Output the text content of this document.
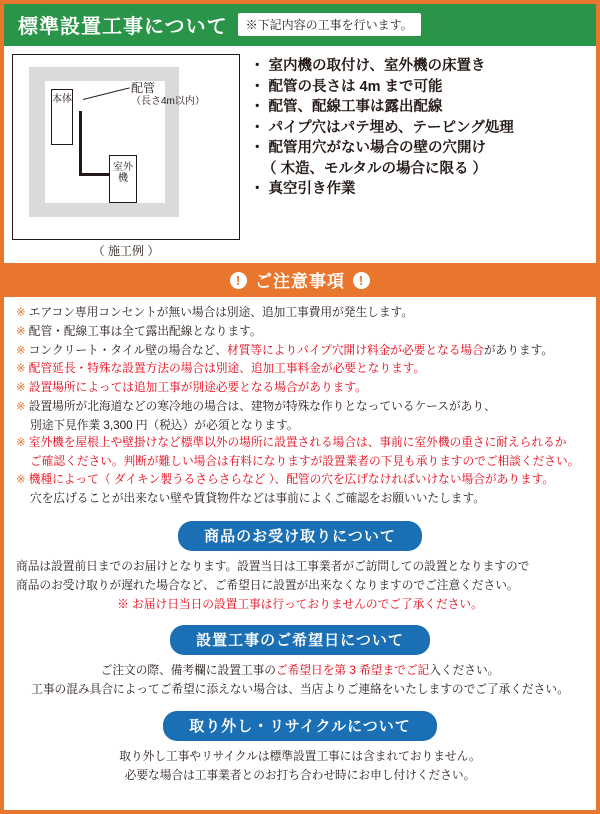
標準設置工事について	※下記内容の工事を行います。
本体
室外機
配管
（長さ4m以内）
（ 施工例 ）
・ 室内機の取付け、室外機の床置き
・ 配管の長さは 4m まで可能
・ 配管、配線工事は露出配線
・ パイプ穴はパテ埋め、テーピング処理
・ 配管用穴がない場合の壁の穴開け
（ 木造、モルタルの場合に限る ）
・ 真空引き作業
! ご注意事項 !
※ エアコン専用コンセントが無い場合は別途、追加工事費用が発生します。
※ 配管・配線工事は全て露出配線となります。
※ コンクリート・タイル壁の場合など、材質等によりパイプ穴開け料金が必要となる場合があります。
※ 配管延長・特殊な設置方法の場合は別途、追加工事料金が必要となります。
※ 設置場所によっては追加工事が別途必要となる場合があります。
※ 設置場所が北海道などの寒冷地の場合は、建物が特殊な作りとなっているケースがあり、
別途下見作業 3,300 円（税込）が必須となります。
※ 室外機を屋根上や壁掛けなど標準以外の場所に設置される場合は、事前に室外機の重さに耐えられるか
ご確認ください。判断が難しい場合は有料になりますが設置業者の下見も承りますのでご相談ください。
※ 機種によって（ ダイキン製うるさらさらなど ）、配管の穴を広げなければいけない場合があります。
穴を広げることが出来ない壁や賃貸物件などは事前によくご確認をお願いいたします。
商品のお受け取りについて
商品は設置前日までのお届けとなります。設置当日は工事業者がご訪問しての設置となりますので
商品のお受け取りが遅れた場合など、ご希望日に設置が出来なくなりますのでご注意ください。
※ お届け日当日の設置工事は行っておりませんのでご了承ください。
設置工事のご希望日について
ご注文の際、備考欄に設置工事のご希望日を第 3 希望までご記入ください。
工事の混み具合によってご希望に添えない場合は、当店よりご連絡をいたしますのでご了承ください。
取り外し・リサイクルについて
取り外し工事やリサイクルは標準設置工事には含まれておりません。
必要な場合は工事業者とのお打ち合わせ時にお申し付けください。
